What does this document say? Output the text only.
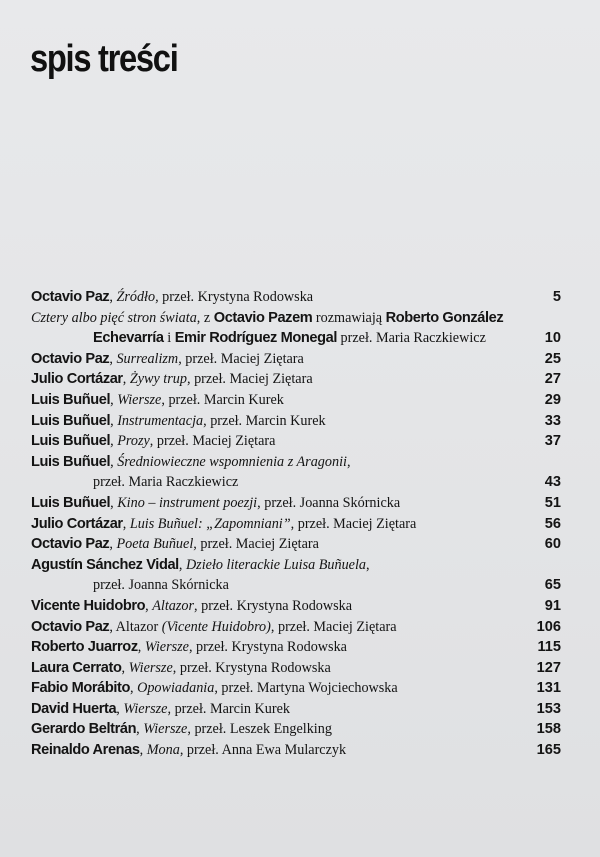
spis treści
Octavio Paz, Źródło, przeł. Krystyna Rodowska	5
Cztery albo pięć stron świata, z Octavio Pazem rozmawiają Roberto González
Echevarría i Emir Rodríguez Monegal przeł. Maria Raczkiewicz	10
Octavio Paz, Surrealizm, przeł. Maciej Ziętara	25
Julio Cortázar, Żywy trup, przeł. Maciej Ziętara	27
Luis Buñuel, Wiersze, przeł. Marcin Kurek	29
Luis Buñuel, Instrumentacja, przeł. Marcin Kurek	33
Luis Buñuel, Prozy, przeł. Maciej Ziętara	37
Luis Buñuel, Średniowieczne wspomnienia z Aragonii,
przeł. Maria Raczkiewicz	43
Luis Buñuel, Kino – instrument poezji, przeł. Joanna Skórnicka	51
Julio Cortázar, Luis Buñuel: „Zapomniani”, przeł. Maciej Ziętara	56
Octavio Paz, Poeta Buñuel, przeł. Maciej Ziętara	60
Agustín Sánchez Vidal, Dzieło literackie Luisa Buñuela,
przeł. Joanna Skórnicka	65
Vicente Huidobro, Altazor, przeł. Krystyna Rodowska	91
Octavio Paz, Altazor (Vicente Huidobro), przeł. Maciej Ziętara	106
Roberto Juarroz, Wiersze, przeł. Krystyna Rodowska	115
Laura Cerrato, Wiersze, przeł. Krystyna Rodowska	127
Fabio Morábito, Opowiadania, przeł. Martyna Wojciechowska	131
David Huerta, Wiersze, przeł. Marcin Kurek	153
Gerardo Beltrán, Wiersze, przeł. Leszek Engelking	158
Reinaldo Arenas, Mona, przeł. Anna Ewa Mularczyk	165
